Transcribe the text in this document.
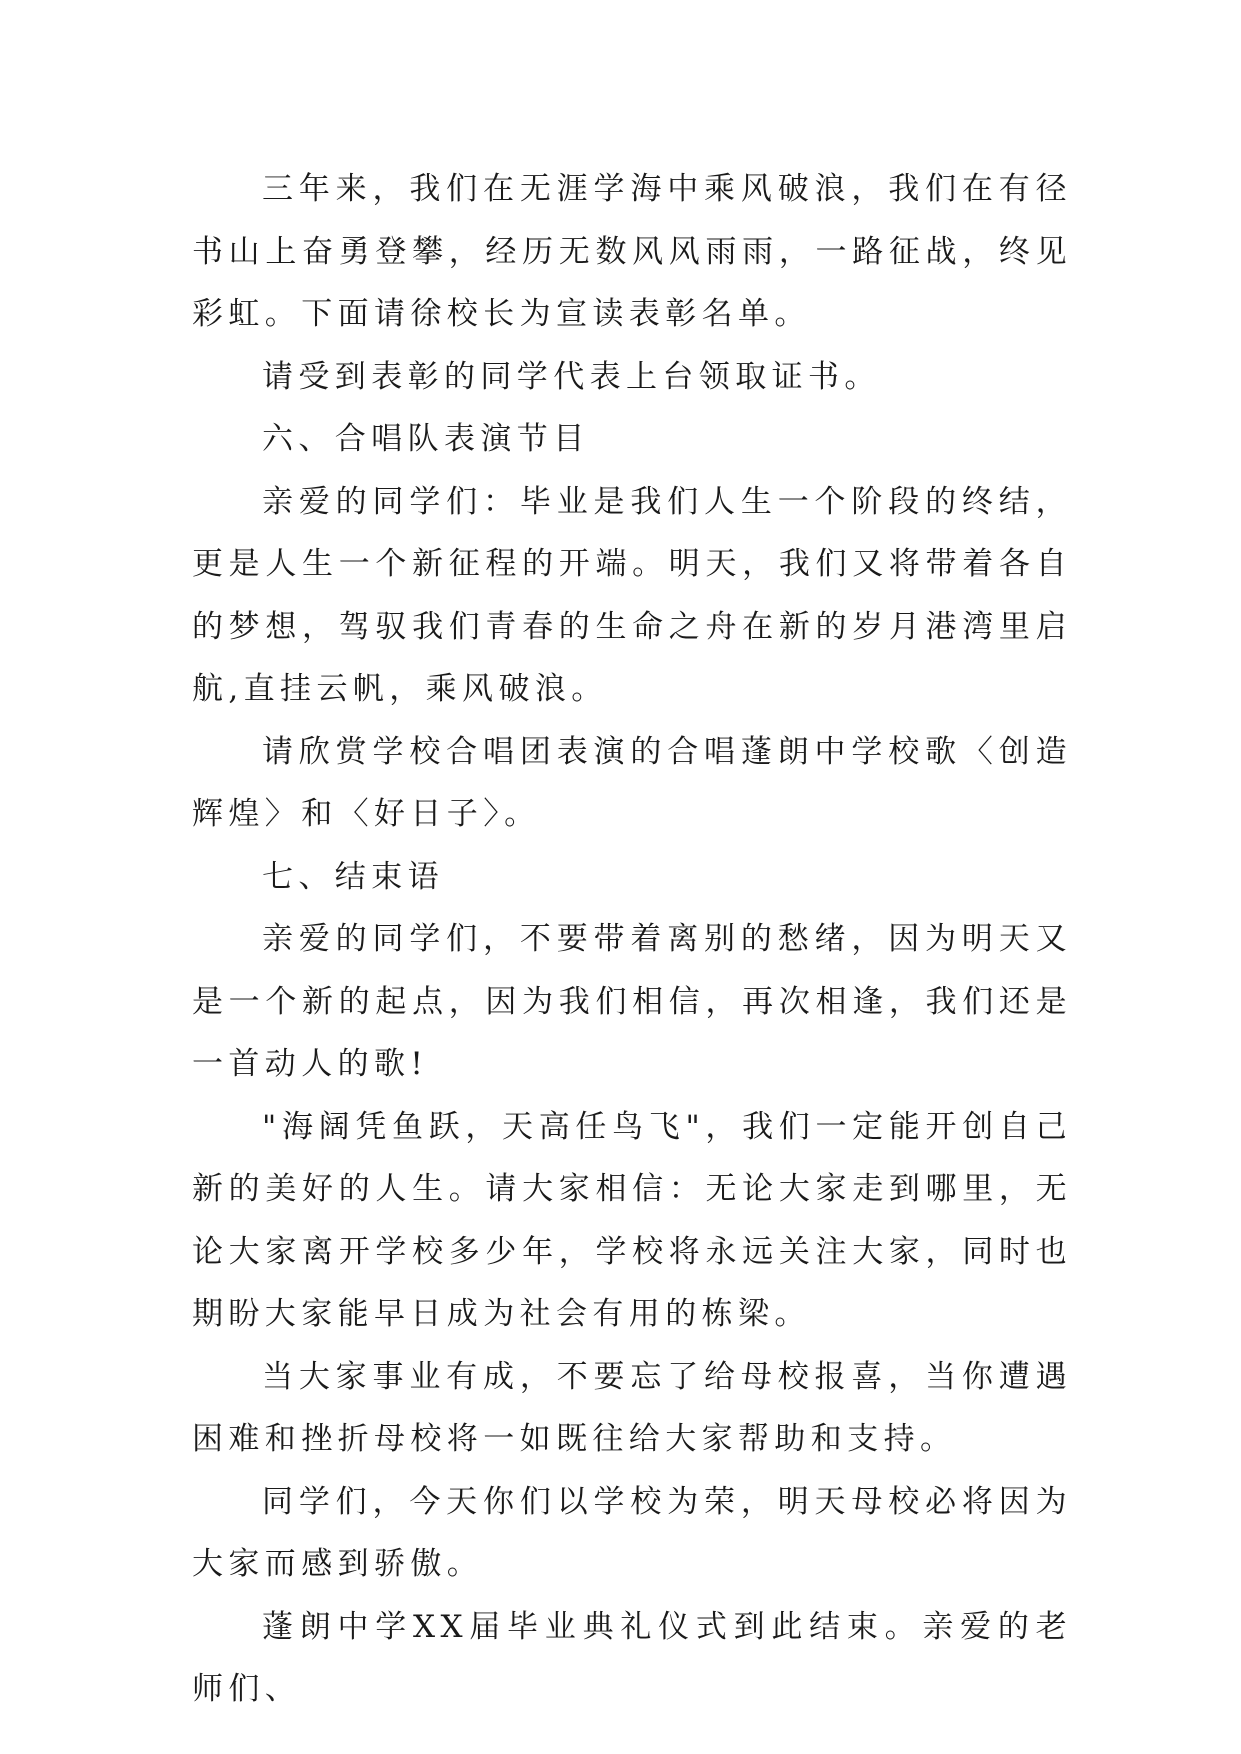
三年来，我们在无涯学海中乘风破浪，我们在有径书山上奋勇登攀，经历无数风风雨雨，一路征战，终见彩虹。下面请徐校长为宣读表彰名单。

请受到表彰的同学代表上台领取证书。

六、合唱队表演节目

亲爱的同学们：毕业是我们人生一个阶段的终结，更是人生一个新征程的开端。明天，我们又将带着各自的梦想，驾驭我们青春的生命之舟在新的岁月港湾里启航,直挂云帆，乘风破浪。

请欣赏学校合唱团表演的合唱蓬朗中学校歌〈创造辉煌〉和〈好日子〉。

七、结束语

亲爱的同学们，不要带着离别的愁绪，因为明天又是一个新的起点，因为我们相信，再次相逢，我们还是一首动人的歌!

"海阔凭鱼跃，天高任鸟飞"，我们一定能开创自己新的美好的人生。请大家相信：无论大家走到哪里，无论大家离开学校多少年，学校将永远关注大家，同时也期盼大家能早日成为社会有用的栋梁。

当大家事业有成，不要忘了给母校报喜，当你遭遇困难和挫折母校将一如既往给大家帮助和支持。

同学们，今天你们以学校为荣，明天母校必将因为大家而感到骄傲。

蓬朗中学XX届毕业典礼仪式到此结束。亲爱的老师们、
